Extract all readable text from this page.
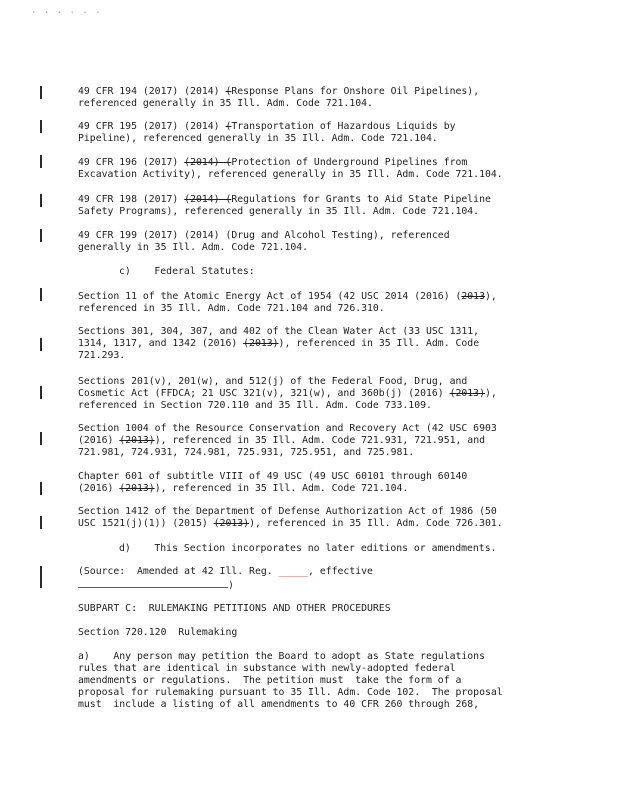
. . . . . .
49 CFR 194 (2017) (2014) (Response Plans for Onshore Oil Pipelines),
referenced generally in 35 Ill. Adm. Code 721.104.
49 CFR 195 (2017) (2014) (Transportation of Hazardous Liquids by
Pipeline), referenced generally in 35 Ill. Adm. Code 721.104.
49 CFR 196 (2017) (2014) (Protection of Underground Pipelines from
Excavation Activity), referenced generally in 35 Ill. Adm. Code 721.104.
49 CFR 198 (2017) (2014) (Regulations for Grants to Aid State Pipeline
Safety Programs), referenced generally in 35 Ill. Adm. Code 721.104.
49 CFR 199 (2017) (2014) (Drug and Alcohol Testing), referenced
generally in 35 Ill. Adm. Code 721.104.
c)    Federal Statutes:
Section 11 of the Atomic Energy Act of 1954 (42 USC 2014 (2016) (2013),
referenced in 35 Ill. Adm. Code 721.104 and 726.310.
Sections 301, 304, 307, and 402 of the Clean Water Act (33 USC 1311,
1314, 1317, and 1342 (2016) (2013)), referenced in 35 Ill. Adm. Code
721.293.
Sections 201(v), 201(w), and 512(j) of the Federal Food, Drug, and
Cosmetic Act (FFDCA; 21 USC 321(v), 321(w), and 360b(j) (2016) (2013)),
referenced in Section 720.110 and 35 Ill. Adm. Code 733.109.
Section 1004 of the Resource Conservation and Recovery Act (42 USC 6903
(2016) (2013)), referenced in 35 Ill. Adm. Code 721.931, 721.951, and
721.981, 724.931, 724.981, 725.931, 725.951, and 725.981.
Chapter 601 of subtitle VIII of 49 USC (49 USC 60101 through 60140
(2016) (2013)), referenced in 35 Ill. Adm. Code 721.104.
Section 1412 of the Department of Defense Authorization Act of 1986 (50
USC 1521(j)(1)) (2015) (2013)), referenced in 35 Ill. Adm. Code 726.301.
d)    This Section incorporates no later editions or amendments.
(Source:  Amended at 42 Ill. Reg. _____, effective
)
SUBPART C:  RULEMAKING PETITIONS AND OTHER PROCEDURES
Section 720.120  Rulemaking
a)    Any person may petition the Board to adopt as State regulations
rules that are identical in substance with newly-adopted federal
amendments or regulations.  The petition must  take the form of a
proposal for rulemaking pursuant to 35 Ill. Adm. Code 102.  The proposal
must  include a listing of all amendments to 40 CFR 260 through 268,
